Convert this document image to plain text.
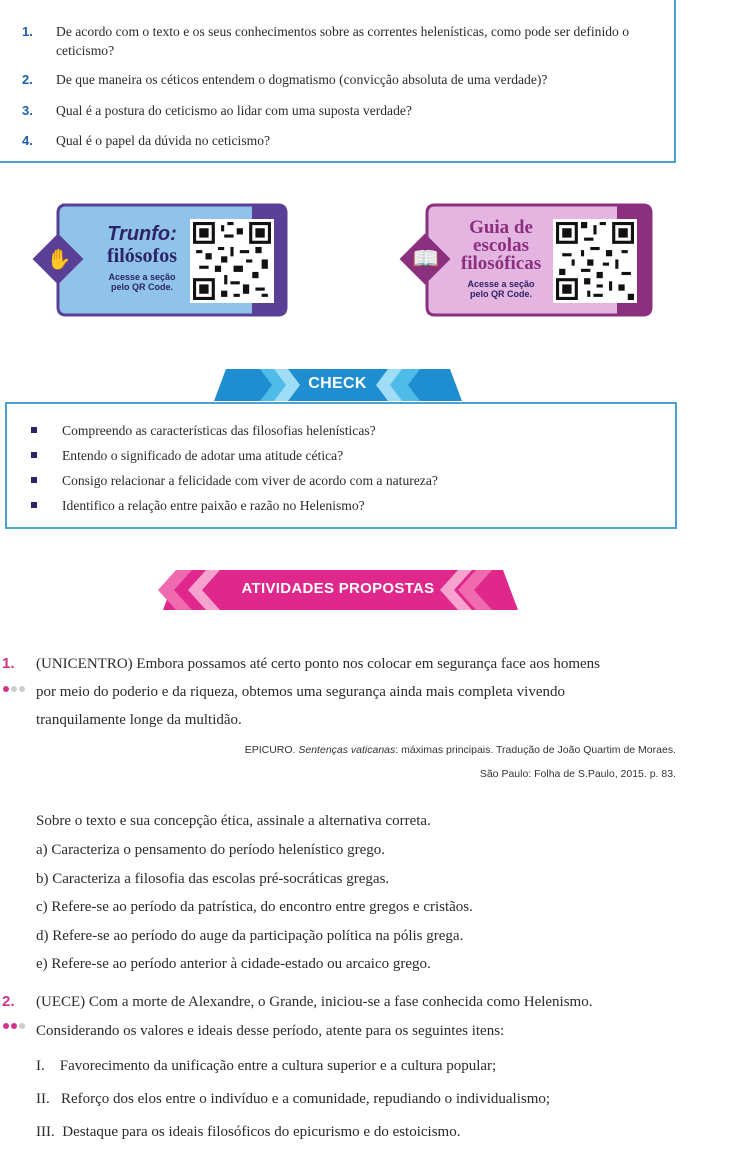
1. De acordo com o texto e os seus conhecimentos sobre as correntes helenísticas, como pode ser definido o ceticismo?
2. De que maneira os céticos entendem o dogmatismo (convicção absoluta de uma verdade)?
3. Qual é a postura do ceticismo ao lidar com uma suposta verdade?
4. Qual é o papel da dúvida no ceticismo?
✋
Trunfo:
filósofos
Acesse a seção
pelo QR Code.
📖
Guia de
escolas
filosóficas
Acesse a seção
pelo QR Code.
CHECK
Compreendo as características das filosofias helenísticas?
Entendo o significado de adotar uma atitude cética?
Consigo relacionar a felicidade com viver de acordo com a natureza?
Identifico a relação entre paixão e razão no Helenismo?
ATIVIDADES PROPOSTAS
1. (UNICENTRO) Embora possamos até certo ponto nos colocar em segurança face aos homens
por meio do poderio e da riqueza, obtemos uma segurança ainda mais completa vivendo
tranquilamente longe da multidão.
EPICURO. Sentenças vaticanas: máximas principais. Tradução de João Quartim de Moraes.
São Paulo: Folha de S.Paulo, 2015. p. 83.
Sobre o texto e sua concepção ética, assinale a alternativa correta.
a) Caracteriza o pensamento do período helenístico grego.
b) Caracteriza a filosofia das escolas pré-socráticas gregas.
c) Refere-se ao período da patrística, do encontro entre gregos e cristãos.
d) Refere-se ao período do auge da participação política na pólis grega.
e) Refere-se ao período anterior à cidade-estado ou arcaico grego.
2. (UECE) Com a morte de Alexandre, o Grande, iniciou-se a fase conhecida como Helenismo.
Considerando os valores e ideais desse período, atente para os seguintes itens:
I.    Favorecimento da unificação entre a cultura superior e a cultura popular;
II.   Reforço dos elos entre o indivíduo e a comunidade, repudiando o individualismo;
III.  Destaque para os ideais filosóficos do epicurismo e do estoicismo.
